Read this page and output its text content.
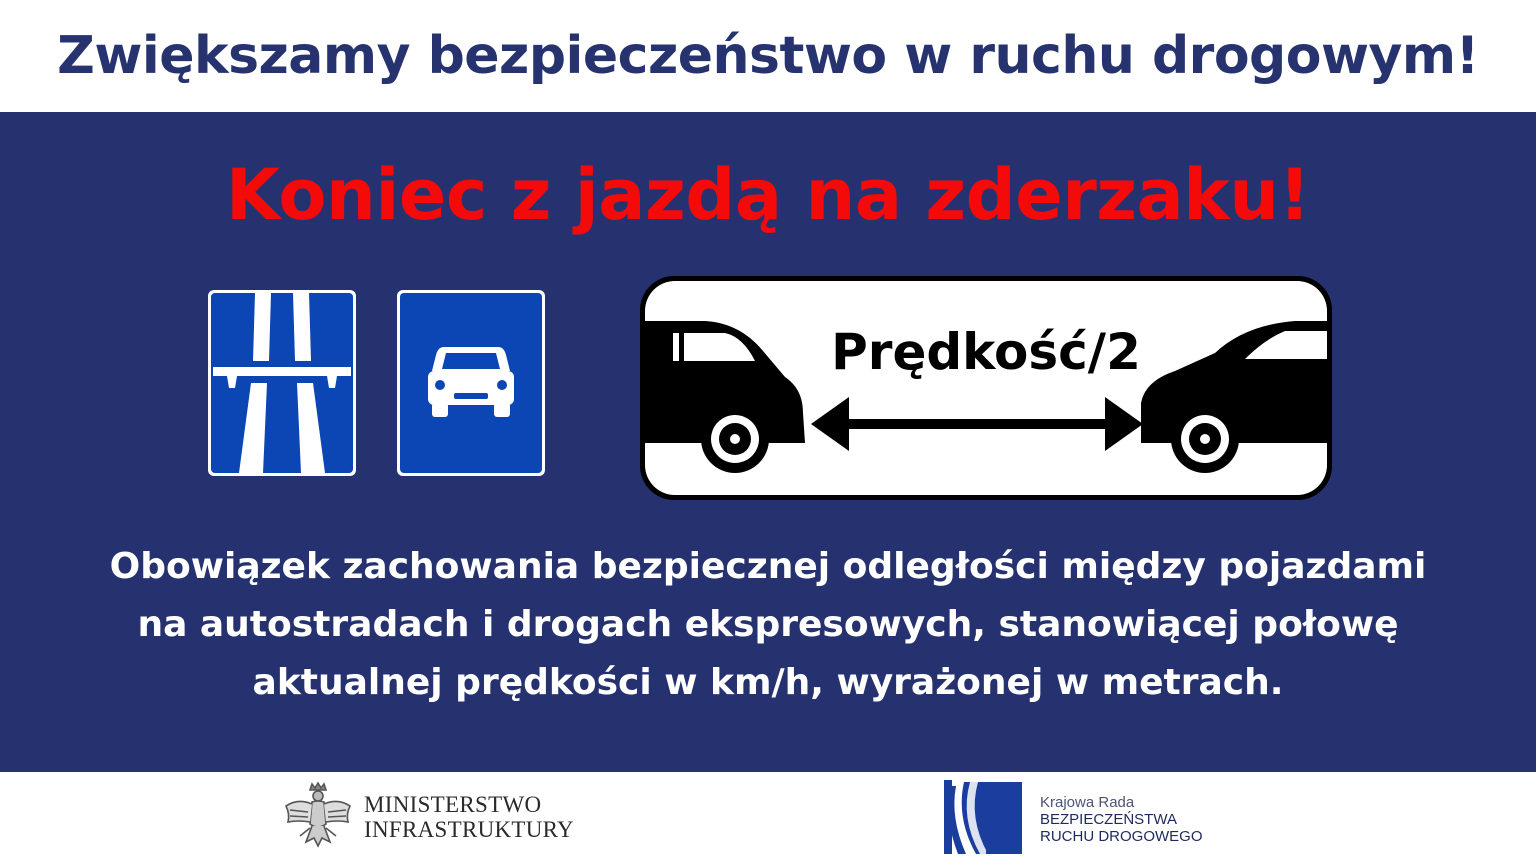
Zwiększamy bezpieczeństwo w ruchu drogowym!
Koniec z jazdą na zderzaku!
Prędkość/2
Obowiązek zachowania bezpiecznej odległości między pojazdami
na autostradach i drogach ekspresowych, stanowiącej połowę
aktualnej prędkości w km/h, wyrażonej w metrach.
MINISTERSTWO
INFRASTRUKTURY
Krajowa Rada
BEZPIECZEŃSTWA
RUCHU DROGOWEGO
